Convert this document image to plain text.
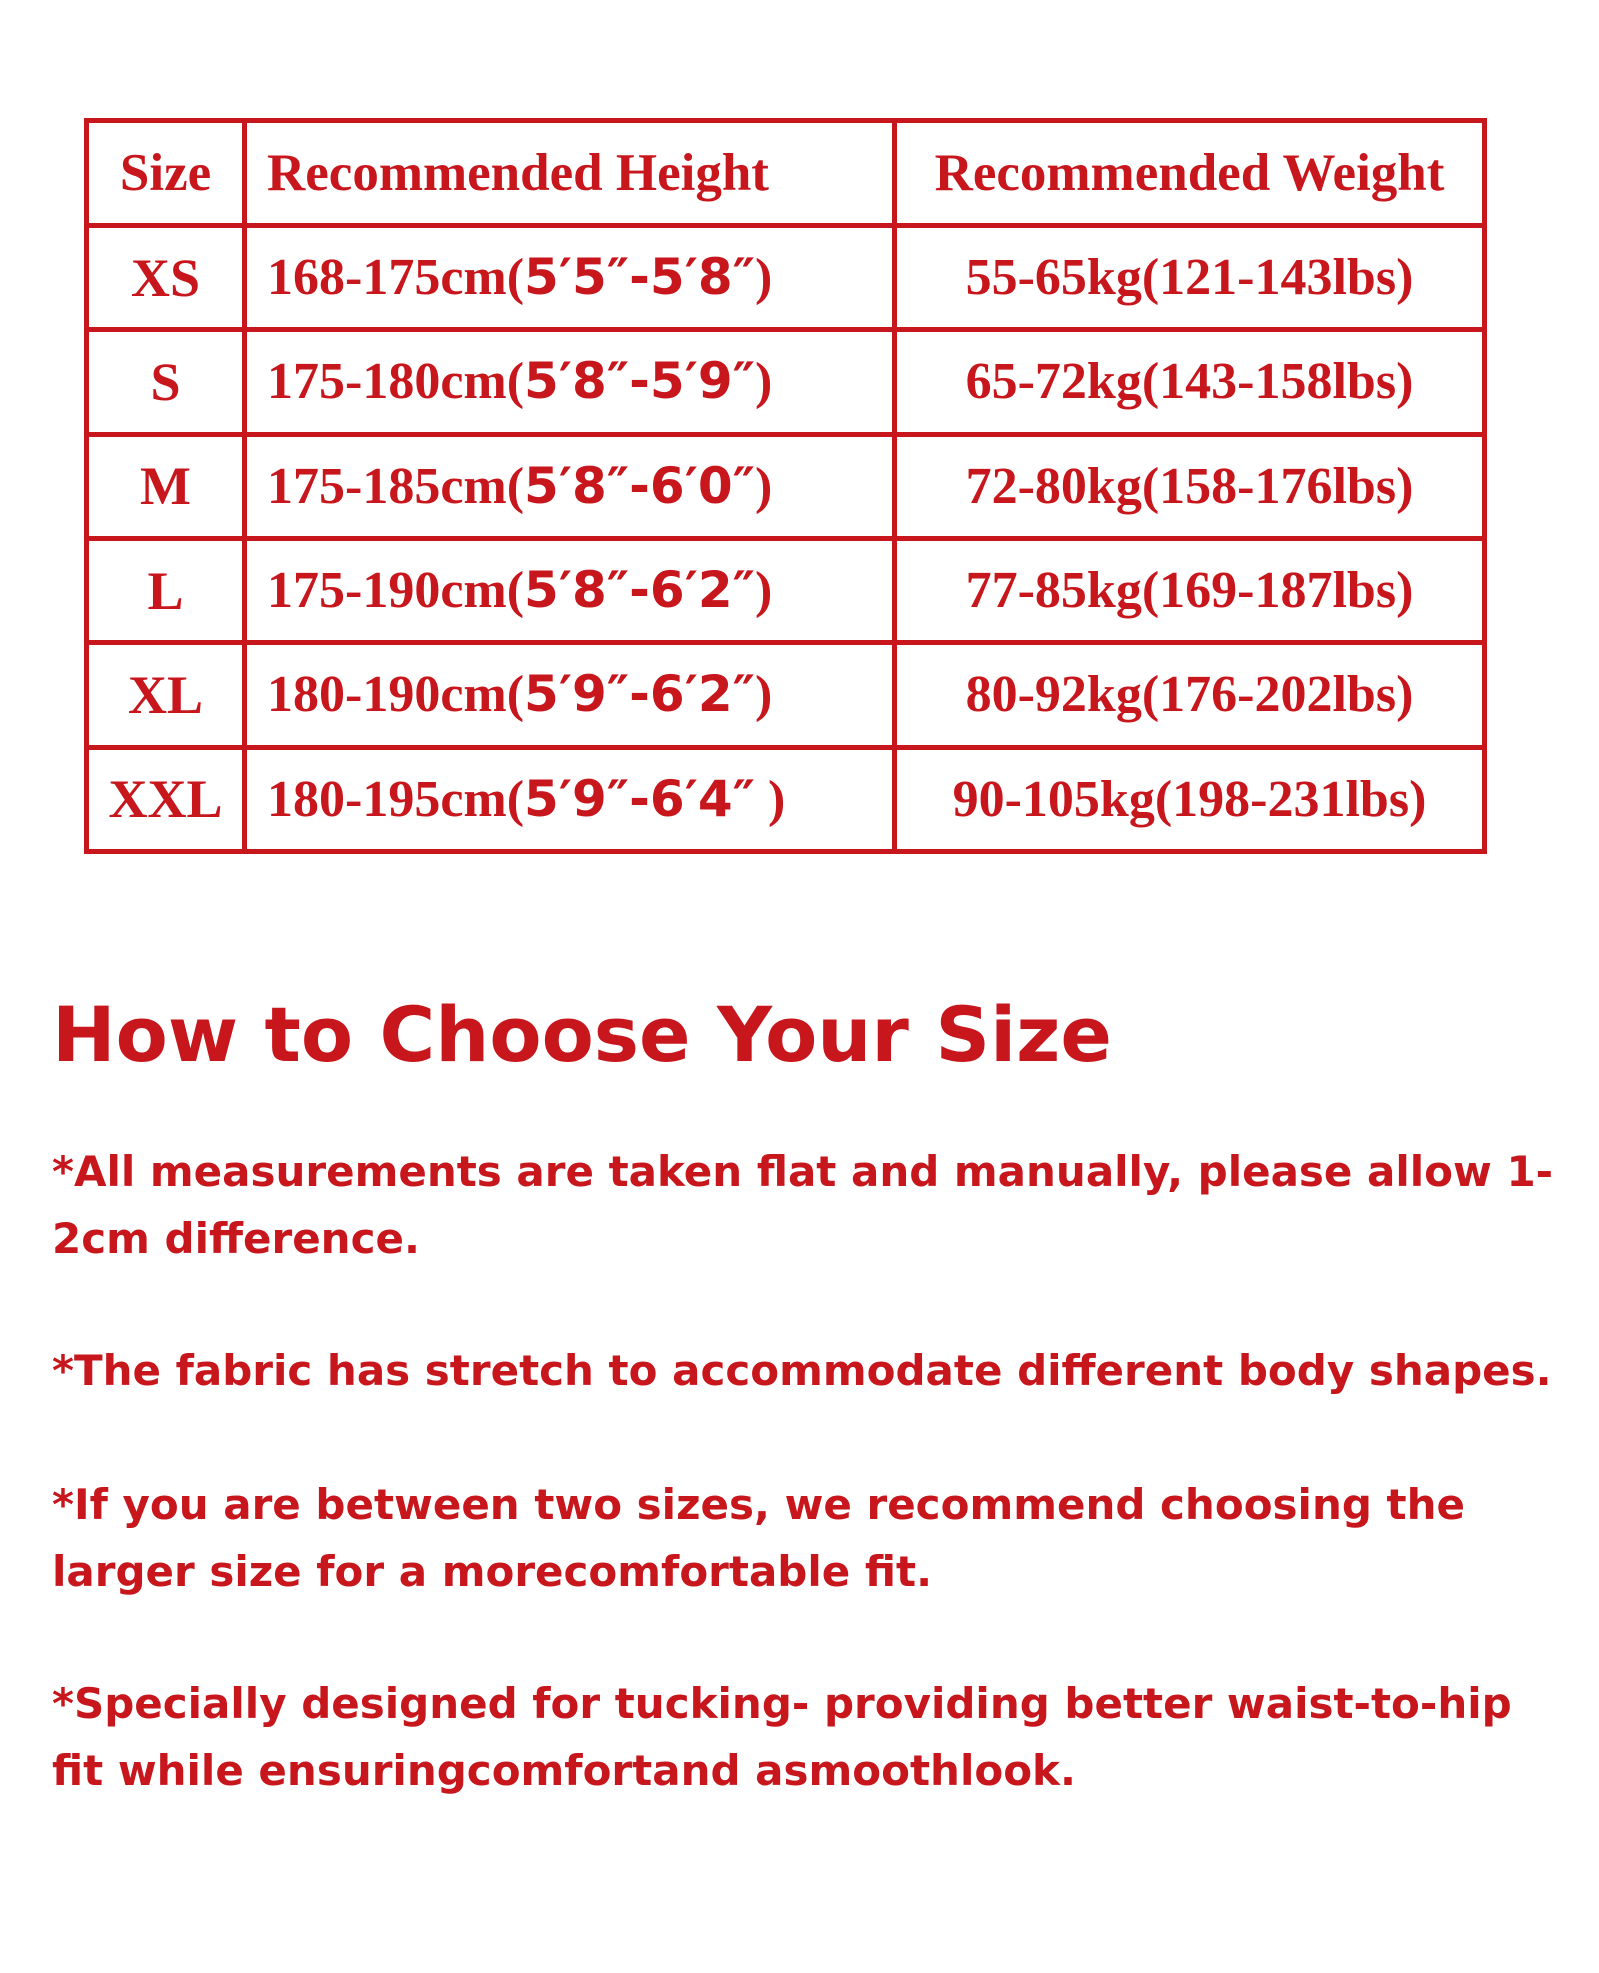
Size	Recommended Height	Recommended Weight
XS	168-175cm(5′5″-5′8″)	55-65kg(121-143lbs)
S	175-180cm(5′8″-5′9″)	65-72kg(143-158lbs)
M	175-185cm(5′8″-6′0″)	72-80kg(158-176lbs)
L	175-190cm(5′8″-6′2″)	77-85kg(169-187lbs)
XL	180-190cm(5′9″-6′2″)	80-92kg(176-202lbs)
XXL	180-195cm(5′9″-6′4″ )	90-105kg(198-231lbs)
How to Choose Your Size

*All measurements are taken flat and manually, please allow 1-2cm difference.

*The fabric has stretch to accommodate different body shapes.

*If you are between two sizes, we recommend choosing the larger size for a morecomfortable fit.

*Specially designed for tucking- providing better waist-to-hip fit while ensuringcomfortand asmoothlook.
